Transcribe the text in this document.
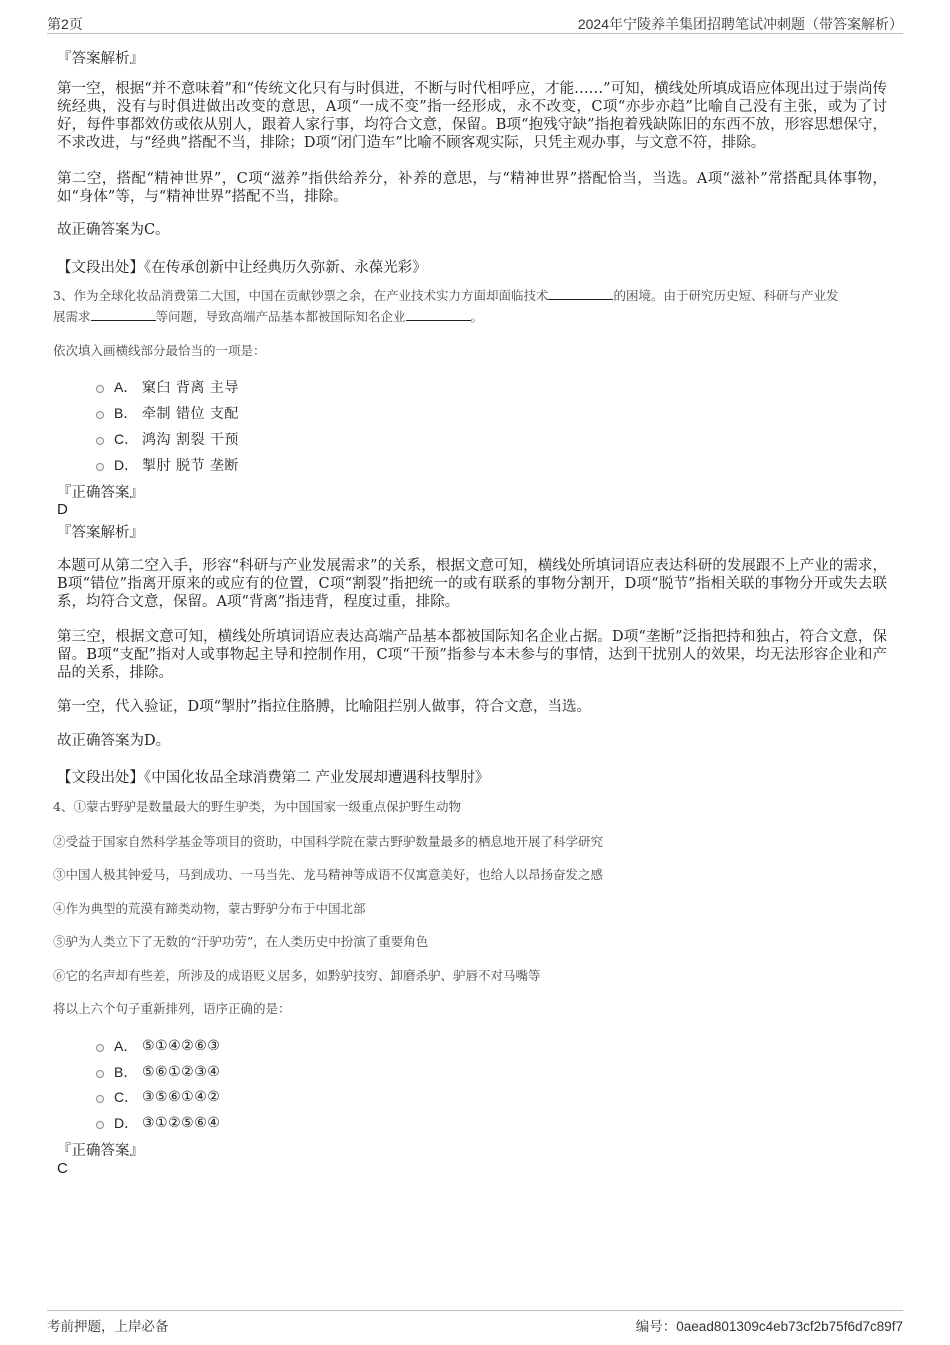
第2页	2024年宁陵养羊集团招聘笔试冲刺题（带答案解析）
『答案解析』

第一空，根据“并不意味着”和“传统文化只有与时俱进，不断与时代相呼应，才能……”可知，横线处所填成语应体现出过于崇尚传统经典，没有与时俱进做出改变的意思，A项“一成不变”指一经形成，永不改变，C项“亦步亦趋”比喻自己没有主张，或为了讨好，每件事都效仿或依从别人，跟着人家行事，均符合文意，保留。B项“抱残守缺”指抱着残缺陈旧的东西不放，形容思想保守，不求改进，与“经典”搭配不当，排除；D项“闭门造车”比喻不顾客观实际，只凭主观办事，与文意不符，排除。

第二空，搭配“精神世界”，C项“滋养”指供给养分，补养的意思，与“精神世界”搭配恰当，当选。A项“滋补”常搭配具体事物，如“身体”等，与“精神世界”搭配不当，排除。

故正确答案为C。

【文段出处】《在传承创新中让经典历久弥新、永葆光彩》

3、作为全球化妆品消费第二大国，中国在贡献钞票之余，在产业技术实力方面却面临技术	的困境。由于研究历史短、科研与产业发
展需求	等问题，导致高端产品基本都被国际知名企业	。

依次填入画横线部分最恰当的一项是：

A． 窠臼 背离 主导
B． 牵制 错位 支配
C． 鸿沟 割裂 干预
D． 掣肘 脱节 垄断
『正确答案』
D
『答案解析』

本题可从第二空入手，形容“科研与产业发展需求”的关系，根据文意可知，横线处所填词语应表达科研的发展跟不上产业的需求，B项“错位”指离开原来的或应有的位置，C项“割裂”指把统一的或有联系的事物分割开，D项“脱节”指相关联的事物分开或失去联系，均符合文意，保留。A项“背离”指违背，程度过重，排除。

第三空，根据文意可知，横线处所填词语应表达高端产品基本都被国际知名企业占据。D项“垄断”泛指把持和独占，符合文意，保留。B项“支配”指对人或事物起主导和控制作用，C项“干预”指参与本未参与的事情，达到干扰别人的效果，均无法形容企业和产品的关系，排除。

第一空，代入验证，D项“掣肘”指拉住胳膊，比喻阻拦别人做事，符合文意，当选。

故正确答案为D。

【文段出处】《中国化妆品全球消费第二 产业发展却遭遇科技掣肘》

4、①蒙古野驴是数量最大的野生驴类，为中国国家一级重点保护野生动物

②受益于国家自然科学基金等项目的资助，中国科学院在蒙古野驴数量最多的栖息地开展了科学研究

③中国人极其钟爱马，马到成功、一马当先、龙马精神等成语不仅寓意美好，也给人以昂扬奋发之感

④作为典型的荒漠有蹄类动物，蒙古野驴分布于中国北部

⑤驴为人类立下了无数的“汗驴功劳”，在人类历史中扮演了重要角色

⑥它的名声却有些差，所涉及的成语贬义居多，如黔驴技穷、卸磨杀驴、驴唇不对马嘴等

将以上六个句子重新排列，语序正确的是：

A． ⑤①④②⑥③
B． ⑤⑥①②③④
C． ③⑤⑥①④②
D． ③①②⑤⑥④
『正确答案』
C
考前押题，上岸必备	编号：0aead801309c4eb73cf2b75f6d7c89f7
